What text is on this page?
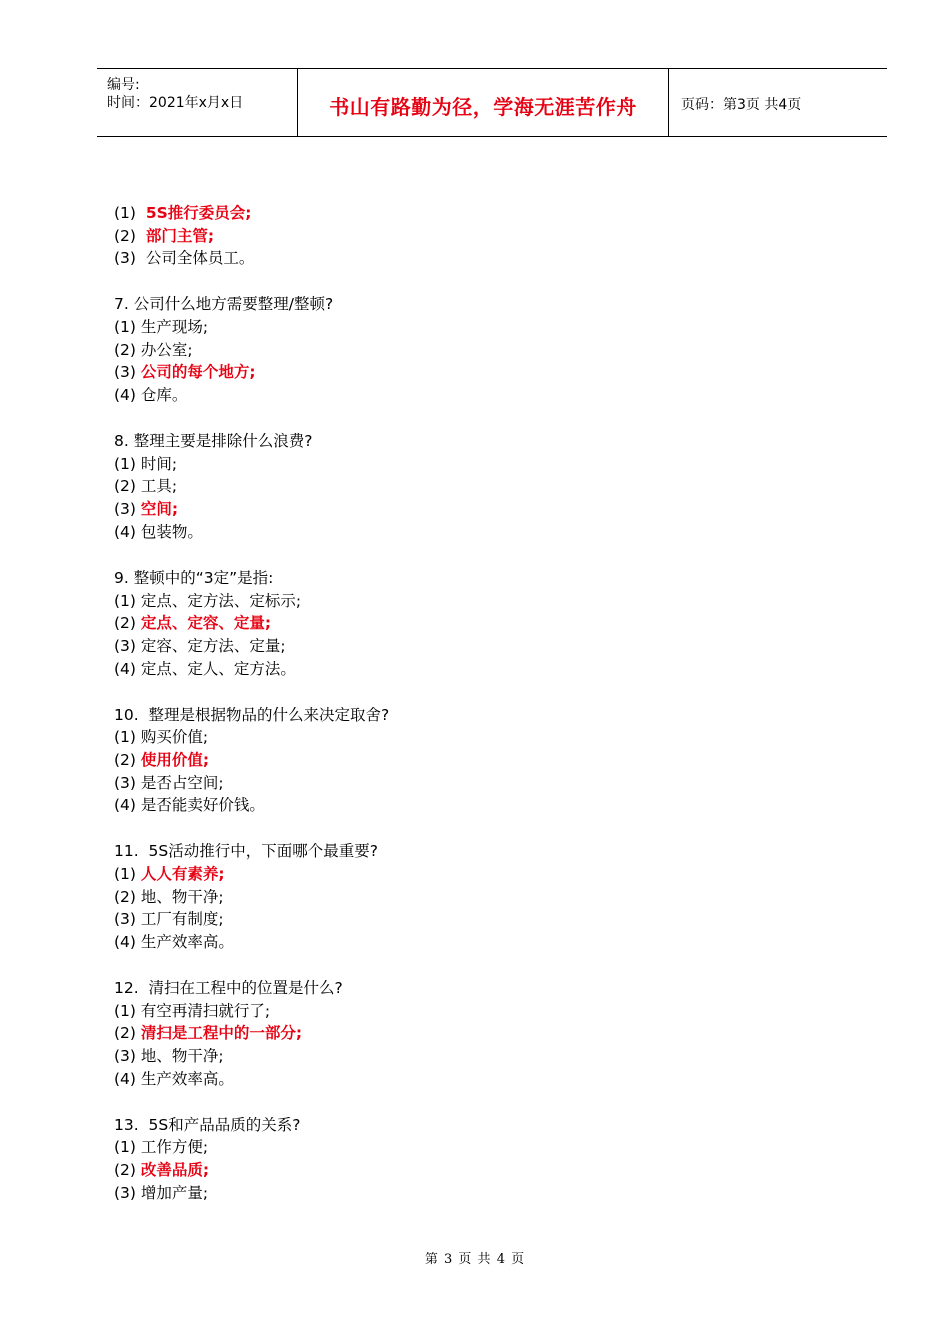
编号:
时间：2021年x月x日	书山有路勤为径，学海无涯苦作舟	页码：第3页 共4页
(1)  5S推行委员会;
(2)  部门主管;
(3)  公司全体员工。
7. 公司什么地方需要整理/整顿?
(1) 生产现场;
(2) 办公室;
(3) 公司的每个地方;
(4) 仓库。
8. 整理主要是排除什么浪费?
(1) 时间;
(2) 工具;
(3) 空间;
(4) 包装物。
9. 整顿中的“3定”是指:
(1) 定点、定方法、定标示;
(2) 定点、定容、定量;
(3) 定容、定方法、定量;
(4) 定点、定人、定方法。
10.  整理是根据物品的什么来决定取舍?
(1) 购买价值;
(2) 使用价值;
(3) 是否占空间;
(4) 是否能卖好价钱。
11.  5S活动推行中，下面哪个最重要?
(1) 人人有素养;
(2) 地、物干净;
(3) 工厂有制度;
(4) 生产效率高。
12.  清扫在工程中的位置是什么?
(1) 有空再清扫就行了;
(2) 清扫是工程中的一部分;
(3) 地、物干净;
(4) 生产效率高。
13.  5S和产品品质的关系?
(1) 工作方便;
(2) 改善品质;
(3) 增加产量;
第 3 页 共 4 页
